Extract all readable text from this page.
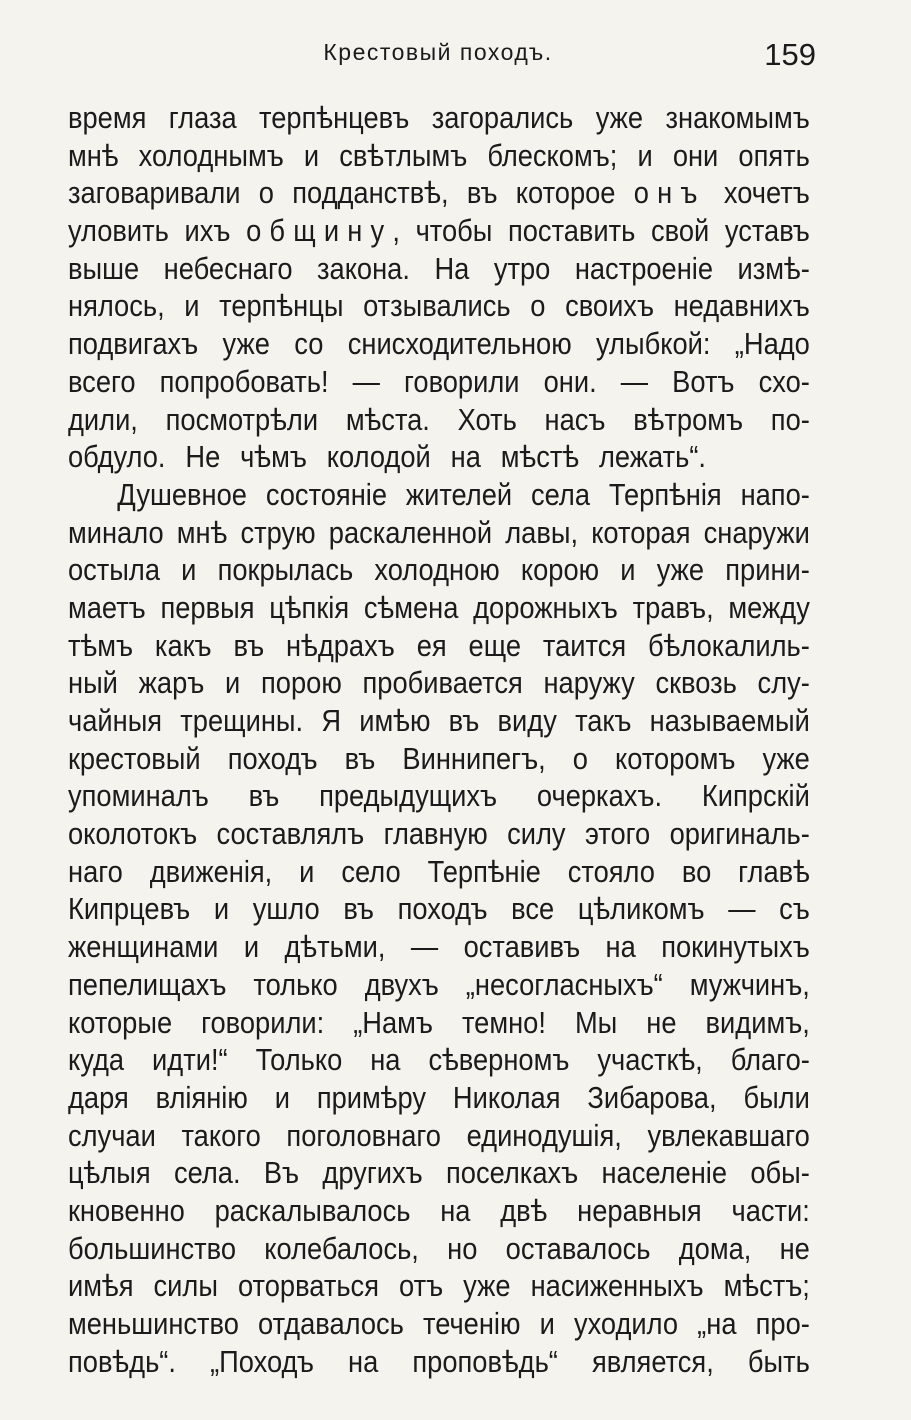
Крестовый походъ.	159
время глаза терпѣнцевъ загорались уже знакомымъ
мнѣ холоднымъ и свѣтлымъ блескомъ; и они опять
заговаривали о подданствѣ, въ которое онъ хочетъ
уловить ихъ общину, чтобы поставить свой уставъ
выше небеснаго закона. На утро настроеніе измѣ-
нялось, и терпѣнцы отзывались о своихъ недавнихъ
подвигахъ уже со снисходительною улыбкой: „Надо
всего попробовать! — говорили они. — Вотъ схо-
дили, посмотрѣли мѣста. Хоть насъ вѣтромъ по-
обдуло. Не чѣмъ колодой на мѣстѣ лежать“.
Душевное состояніе жителей села Терпѣнія напо-
минало мнѣ струю раскаленной лавы, которая снаружи
остыла и покрылась холодною корою и уже прини-
маетъ первыя цѣпкія сѣмена дорожныхъ травъ, между
тѣмъ какъ въ нѣдрахъ ея еще таится бѣлокалиль-
ный жаръ и порою пробивается наружу сквозь слу-
чайныя трещины. Я имѣю въ виду такъ называемый
крестовый походъ въ Виннипегъ, о которомъ уже
упоминалъ въ предыдущихъ очеркахъ. Кипрскій
околотокъ составлялъ главную силу этого оригиналь-
наго движенія, и село Терпѣніе стояло во главѣ
Кипрцевъ и ушло въ походъ все цѣликомъ — съ
женщинами и дѣтьми, — оставивъ на покинутыхъ
пепелищахъ только двухъ „несогласныхъ“ мужчинъ,
которые говорили: „Намъ темно! Мы не видимъ,
куда идти!“ Только на сѣверномъ участкѣ, благо-
даря вліянію и примѣру Николая Зибарова, были
случаи такого поголовнаго единодушія, увлекавшаго
цѣлыя села. Въ другихъ поселкахъ населеніе обы-
кновенно раскалывалось на двѣ неравныя части:
большинство колебалось, но оставалось дома, не
имѣя силы оторваться отъ уже насиженныхъ мѣстъ;
меньшинство отдавалось теченію и уходило „на про-
повѣдь“. „Походъ на проповѣдь“ является, быть
